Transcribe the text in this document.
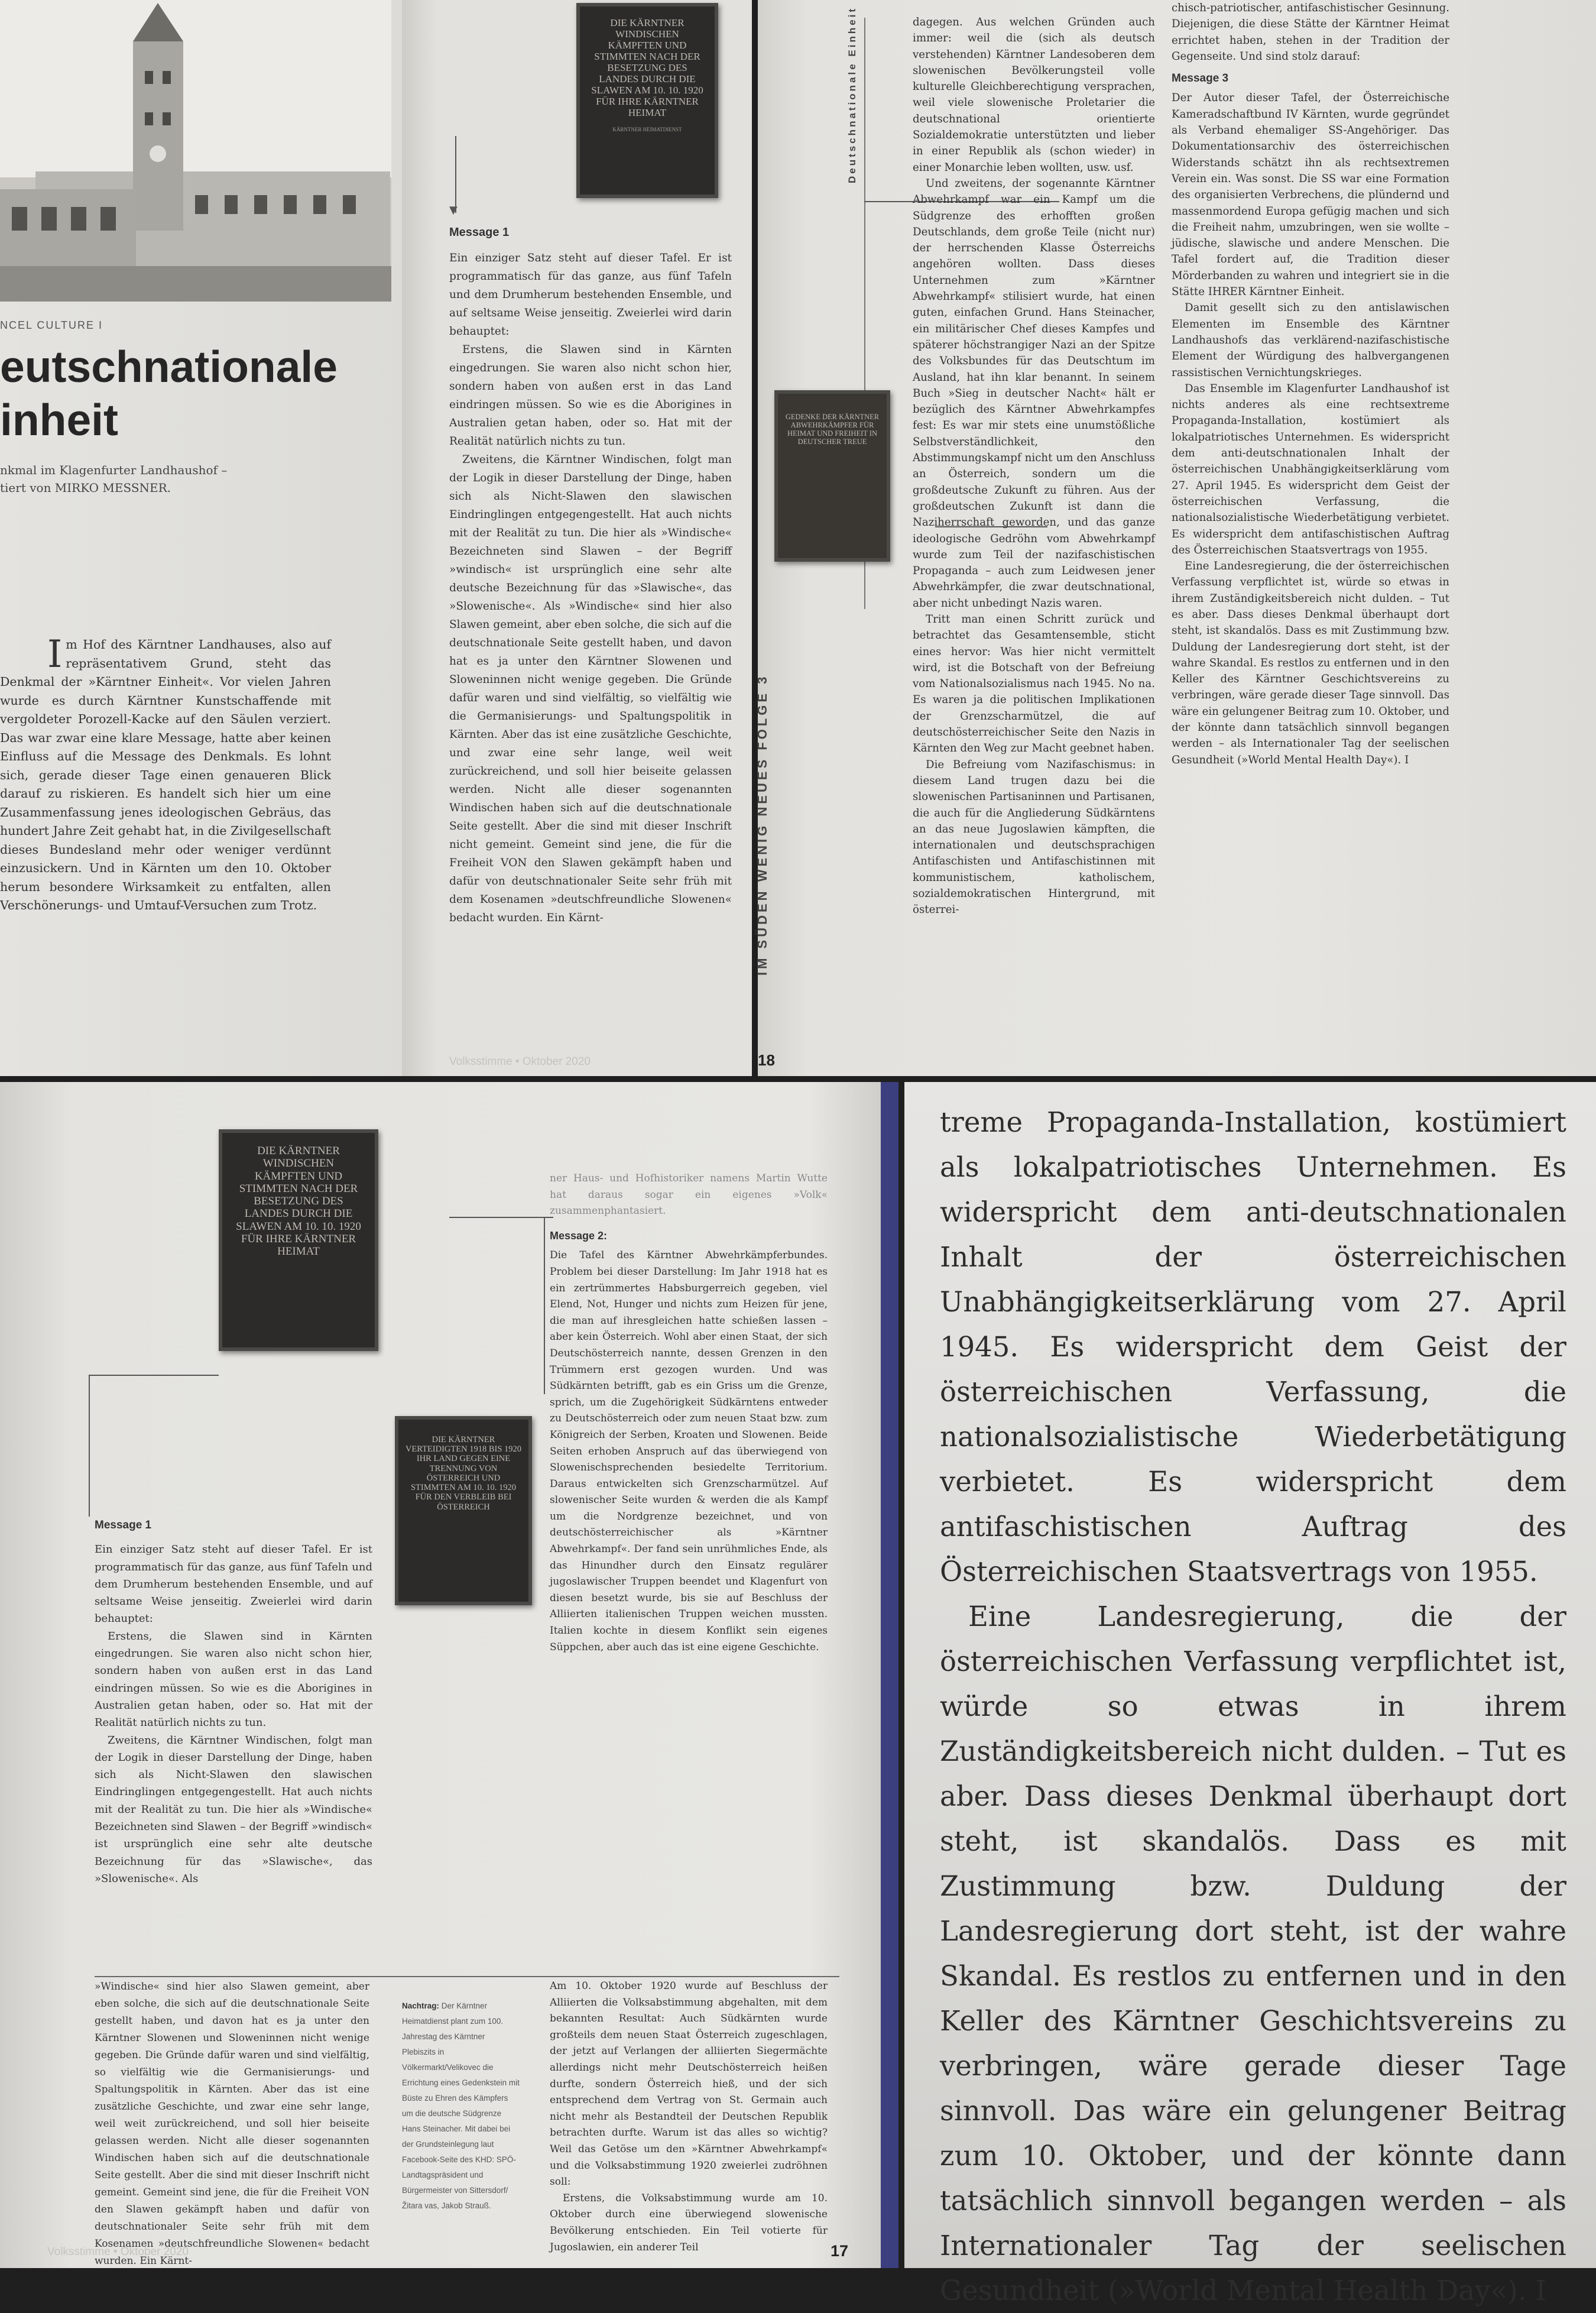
DIE KÄRNTNER WINDISCHEN KÄMPFTEN UND STIMMTEN NACH DER BESETZUNG DES LANDES DURCH DIE SLAWEN AM 10. 10. 1920 FÜR IHRE KÄRNTNER HEIMAT
KÄRNTNER HEIMATDIENST
▼
NCEL CULTURE I
eutschnationale
inheit
nkmal im Klagenfurter Landhaushof –
tiert von MIRKO MESSNER.

Im Hof des Kärntner Landhauses, also auf repräsentativem Grund, steht das Denkmal der »Kärntner Einheit«. Vor vielen Jahren wurde es durch Kärntner Kunstschaffende mit vergoldeter Porozell-Kacke auf den Säulen verziert. Das war zwar eine klare Message, hatte aber keinen Einfluss auf die Message des Denkmals. Es lohnt sich, gerade dieser Tage einen genaueren Blick darauf zu riskieren. Es handelt sich hier um eine Zusammenfassung jenes ideologischen Gebräus, das hundert Jahre Zeit gehabt hat, in die Zivilgesellschaft dieses Bundesland mehr oder weniger verdünnt einzusickern. Und in Kärnten um den 10. Oktober herum besondere Wirksamkeit zu entfalten, allen Verschönerungs- und Umtauf-Versuchen zum Trotz.

Message 1

Ein einziger Satz steht auf dieser Tafel. Er ist programmatisch für das ganze, aus fünf Tafeln und dem Drumherum bestehenden Ensemble, und auf seltsame Weise jenseitig. Zweierlei wird darin behauptet:

Erstens, die Slawen sind in Kärnten eingedrungen. Sie waren also nicht schon hier, sondern haben von außen erst in das Land eindringen müssen. So wie es die Aborigines in Australien getan haben, oder so. Hat mit der Realität natürlich nichts zu tun.

Zweitens, die Kärntner Windischen, folgt man der Logik in dieser Darstellung der Dinge, haben sich als Nicht-Slawen den slawischen Eindringlingen entgegengestellt. Hat auch nichts mit der Realität zu tun. Die hier als »Windische« Bezeichneten sind Slawen – der Begriff »windisch« ist ursprünglich eine sehr alte deutsche Bezeichnung für das »Slawische«, das »Slowenische«. Als »Windische« sind hier also Slawen gemeint, aber eben solche, die sich auf die deutschnationale Seite gestellt haben, und davon hat es ja unter den Kärntner Slowenen und Sloweninnen nicht wenige gegeben. Die Gründe dafür waren und sind vielfältig, so vielfältig wie die Germanisierungs- und Spaltungspolitik in Kärnten. Aber das ist eine zusätzliche Geschichte, und zwar eine sehr lange, weil weit zurückreichend, und soll hier beiseite gelassen werden. Nicht alle dieser sogenannten Windischen haben sich auf die deutschnationale Seite gestellt. Aber die sind mit dieser Inschrift nicht gemeint. Gemeint sind jene, die für die Freiheit VON den Slawen gekämpft haben und dafür von deutschnationaler Seite sehr früh mit dem Kosenamen »deutschfreundliche Slowenen« bedacht wurden. Ein Kärnt-

Volksstimme • Oktober 2020
Deutschnationale Einheit
GEDENKE DER KÄRNTNER ABWEHRKÄMPFER FÜR HEIMAT UND FREIHEIT IN DEUTSCHER TREUE
IM SÜDEN WENIG NEUES FOLGE 3

dagegen. Aus welchen Gründen auch immer: weil die (sich als deutsch verstehenden) Kärntner Landesoberen dem slowenischen Bevölkerungsteil volle kulturelle Gleichberechtigung versprachen, weil viele slowenische Proletarier die deutschnational orientierte Sozialdemokratie unterstützten und lieber in einer Republik als (schon wieder) in einer Monarchie leben wollten, usw. usf.

Und zweitens, der sogenannte Kärntner Abwehrkampf war ein Kampf um die Südgrenze des erhofften großen Deutschlands, dem große Teile (nicht nur) der herrschenden Klasse Österreichs angehören wollten. Dass dieses Unternehmen zum »Kärntner Abwehrkampf« stilisiert wurde, hat einen guten, einfachen Grund. Hans Steinacher, ein militärischer Chef dieses Kampfes und späterer höchstrangiger Nazi an der Spitze des Volksbundes für das Deutschtum im Ausland, hat ihn klar benannt. In seinem Buch »Sieg in deutscher Nacht« hält er bezüglich des Kärntner Abwehrkampfes fest: Es war mir stets eine unumstößliche Selbstverständlichkeit, den Abstimmungskampf nicht um den Anschluss an Österreich, sondern um die großdeutsche Zukunft zu führen. Aus der großdeutschen Zukunft ist dann die Naziherrschaft geworden, und das ganze ideologische Gedröhn vom Abwehrkampf wurde zum Teil der nazifaschistischen Propaganda – auch zum Leidwesen jener Abwehrkämpfer, die zwar deutschnational, aber nicht unbedingt Nazis waren.

Tritt man einen Schritt zurück und betrachtet das Gesamtensemble, sticht eines hervor: Was hier nicht vermittelt wird, ist die Botschaft von der Befreiung vom Nationalsozialismus nach 1945. No na. Es waren ja die politischen Implikationen der Grenzscharmützel, die auf deutschösterreichischer Seite den Nazis in Kärnten den Weg zur Macht geebnet haben.

Die Befreiung vom Nazifaschismus: in diesem Land trugen dazu bei die slowenischen Partisaninnen und Partisanen, die auch für die Angliederung Südkärntens an das neue Jugoslawien kämpften, die internationalen und deutschsprachigen Antifaschisten und Antifaschistinnen mit kommunistischem, katholischem, sozialdemokratischen Hintergrund, mit österrei-

chisch-patriotischer, antifaschistischer Gesinnung. Diejenigen, die diese Stätte der Kärntner Heimat errichtet haben, stehen in der Tradition der Gegenseite. Und sind stolz darauf:

Message 3

Der Autor dieser Tafel, der Österreichische Kameradschaftbund IV Kärnten, wurde gegründet als Verband ehemaliger SS-Angehöriger. Das Dokumentationsarchiv des österreichischen Widerstands schätzt ihn als rechtsextremen Verein ein. Was sonst. Die SS war eine Formation des organisierten Verbrechens, die plündernd und massenmordend Europa gefügig machen und sich die Freiheit nahm, umzubringen, wen sie wollte – jüdische, slawische und andere Menschen. Die Tafel fordert auf, die Tradition dieser Mörderbanden zu wahren und integriert sie in die Stätte IHRER Kärntner Einheit.

Damit gesellt sich zu den antislawischen Elementen im Ensemble des Kärntner Landhaushofs das verklärend-nazifaschistische Element der Würdigung des halbvergangenen rassistischen Vernichtungskrieges.

Das Ensemble im Klagenfurter Landhaushof ist nichts anderes als eine rechtsextreme Propaganda-Installation, kostümiert als lokalpatriotisches Unternehmen. Es widerspricht dem anti-deutschnationalen Inhalt der österreichischen Unabhängigkeitserklärung vom 27. April 1945. Es widerspricht dem Geist der österreichischen Verfassung, die nationalsozialistische Wiederbetätigung verbietet. Es widerspricht dem antifaschistischen Auftrag des Österreichischen Staatsvertrags von 1955.

Eine Landesregierung, die der österreichischen Verfassung verpflichtet ist, würde so etwas in ihrem Zuständigkeitsbereich nicht dulden. – Tut es aber. Dass dieses Denkmal überhaupt dort steht, ist skandalös. Dass es mit Zustimmung bzw. Duldung der Landesregierung dort steht, ist der wahre Skandal. Es restlos zu entfernen und in den Keller des Kärntner Geschichtsvereins zu verbringen, wäre gerade dieser Tage sinnvoll. Das wäre ein gelungener Beitrag zum 10. Oktober, und der könnte dann tatsächlich sinnvoll begangen werden – als Internationaler Tag der seelischen Gesundheit (»World Mental Health Day«). I

18
DIE KÄRNTNER WINDISCHEN KÄMPFTEN UND STIMMTEN NACH DER BESETZUNG DES LANDES DURCH DIE SLAWEN AM 10. 10. 1920 FÜR IHRE KÄRNTNER HEIMAT
DIE KÄRNTNER VERTEIDIGTEN 1918 BIS 1920 IHR LAND GEGEN EINE TRENNUNG VON ÖSTERREICH UND STIMMTEN AM 10. 10. 1920 FÜR DEN VERBLEIB BEI ÖSTERREICH
Message 1

Ein einziger Satz steht auf dieser Tafel. Er ist programmatisch für das ganze, aus fünf Tafeln und dem Drumherum bestehenden Ensemble, und auf seltsame Weise jenseitig. Zweierlei wird darin behauptet:

Erstens, die Slawen sind in Kärnten eingedrungen. Sie waren also nicht schon hier, sondern haben von außen erst in das Land eindringen müssen. So wie es die Aborigines in Australien getan haben, oder so. Hat mit der Realität natürlich nichts zu tun.

Zweitens, die Kärntner Windischen, folgt man der Logik in dieser Darstellung der Dinge, haben sich als Nicht-Slawen den slawischen Eindringlingen entgegengestellt. Hat auch nichts mit der Realität zu tun. Die hier als »Windische« Bezeichneten sind Slawen – der Begriff »windisch« ist ursprünglich eine sehr alte deutsche Bezeichnung für das »Slawische«, das »Slowenische«. Als

ner Haus- und Hofhistoriker namens Martin Wutte hat daraus sogar ein eigenes »Volk« zusammenphantasiert.

Message 2:

Die Tafel des Kärntner Abwehrkämpferbundes. Problem bei dieser Darstellung: Im Jahr 1918 hat es ein zertrümmertes Habsburgerreich gegeben, viel Elend, Not, Hunger und nichts zum Heizen für jene, die man auf ihresgleichen hatte schießen lassen – aber kein Österreich. Wohl aber einen Staat, der sich Deutschösterreich nannte, dessen Grenzen in den Trümmern erst gezogen wurden. Und was Südkärnten betrifft, gab es ein Griss um die Grenze, sprich, um die Zugehörigkeit Südkärntens entweder zu Deutschösterreich oder zum neuen Staat bzw. zum Königreich der Serben, Kroaten und Slowenen. Beide Seiten erhoben Anspruch auf das überwiegend von Slowenischsprechenden besiedelte Territorium. Daraus entwickelten sich Grenzscharmützel. Auf slowenischer Seite wurden & werden die als Kampf um die Nordgrenze bezeichnet, und von deutschösterreichischer als »Kärntner Abwehrkampf«. Der fand sein unrühmliches Ende, als das Hinundher durch den Einsatz regulärer jugoslawischer Truppen beendet und Klagenfurt von diesen besetzt wurde, bis sie auf Beschluss der Alliierten italienischen Truppen weichen mussten. Italien kochte in diesem Konflikt sein eigenes Süppchen, aber auch das ist eine eigene Geschichte.

»Windische« sind hier also Slawen gemeint, aber eben solche, die sich auf die deutschnationale Seite gestellt haben, und davon hat es ja unter den Kärntner Slowenen und Sloweninnen nicht wenige gegeben. Die Gründe dafür waren und sind vielfältig, so vielfältig wie die Germanisierungs- und Spaltungspolitik in Kärnten. Aber das ist eine zusätzliche Geschichte, und zwar eine sehr lange, weil weit zurückreichend, und soll hier beiseite gelassen werden. Nicht alle dieser sogenannten Windischen haben sich auf die deutschnationale Seite gestellt. Aber die sind mit dieser Inschrift nicht gemeint. Gemeint sind jene, die für die Freiheit VON den Slawen gekämpft haben und dafür von deutschnationaler Seite sehr früh mit dem Kosenamen »deutschfreundliche Slowenen« bedacht wurden. Ein Kärnt-

Nachtrag: Der Kärntner Heimatdienst plant zum 100. Jahrestag des Kärntner Plebiszits in Völkermarkt/Velikovec die Errichtung eines Gedenkstein mit Büste zu Ehren des Kämpfers um die deutsche Südgrenze Hans Steinacher. Mit dabei bei der Grundsteinlegung laut Facebook-Seite des KHD: SPÖ-Landtagspräsident und Bürgermeister von Sittersdorf/Žitara vas, Jakob Strauß.

Am 10. Oktober 1920 wurde auf Beschluss der Alliierten die Volksabstimmung abgehalten, mit dem bekannten Resultat: Auch Südkärnten wurde großteils dem neuen Staat Österreich zugeschlagen, der jetzt auf Verlangen der alliierten Siegermächte allerdings nicht mehr Deutschösterreich heißen durfte, sondern Österreich hieß, und der sich entsprechend dem Vertrag von St. Germain auch nicht mehr als Bestandteil der Deutschen Republik betrachten durfte. Warum ist das alles so wichtig? Weil das Getöse um den »Kärntner Abwehrkampf« und die Volksabstimmung 1920 zweierlei zudröhnen soll:

Erstens, die Volksabstimmung wurde am 10. Oktober durch eine überwiegend slowenische Bevölkerung entschieden. Ein Teil votierte für Jugoslawien, ein anderer Teil

Volksstimme • Oktober 2020	17

treme Propaganda-Installation, kostümiert als lokalpatriotisches Unternehmen. Es widerspricht dem anti-deutschnationalen Inhalt der österreichischen Unabhängigkeitserklärung vom 27. April 1945. Es widerspricht dem Geist der österreichischen Verfassung, die nationalsozialistische Wiederbetätigung verbietet. Es widerspricht dem antifaschistischen Auftrag des Österreichischen Staatsvertrags von 1955.

Eine Landesregierung, die der österreichischen Verfassung verpflichtet ist, würde so etwas in ihrem Zuständigkeitsbereich nicht dulden. – Tut es aber. Dass dieses Denkmal überhaupt dort steht, ist skandalös. Dass es mit Zustimmung bzw. Duldung der Landesregierung dort steht, ist der wahre Skandal. Es restlos zu entfernen und in den Keller des Kärntner Geschichtsvereins zu verbringen, wäre gerade dieser Tage sinnvoll. Das wäre ein gelungener Beitrag zum 10. Oktober, und der könnte dann tatsächlich sinnvoll begangen werden – als Internationaler Tag der seelischen Gesundheit (»World Mental Health Day«). I
